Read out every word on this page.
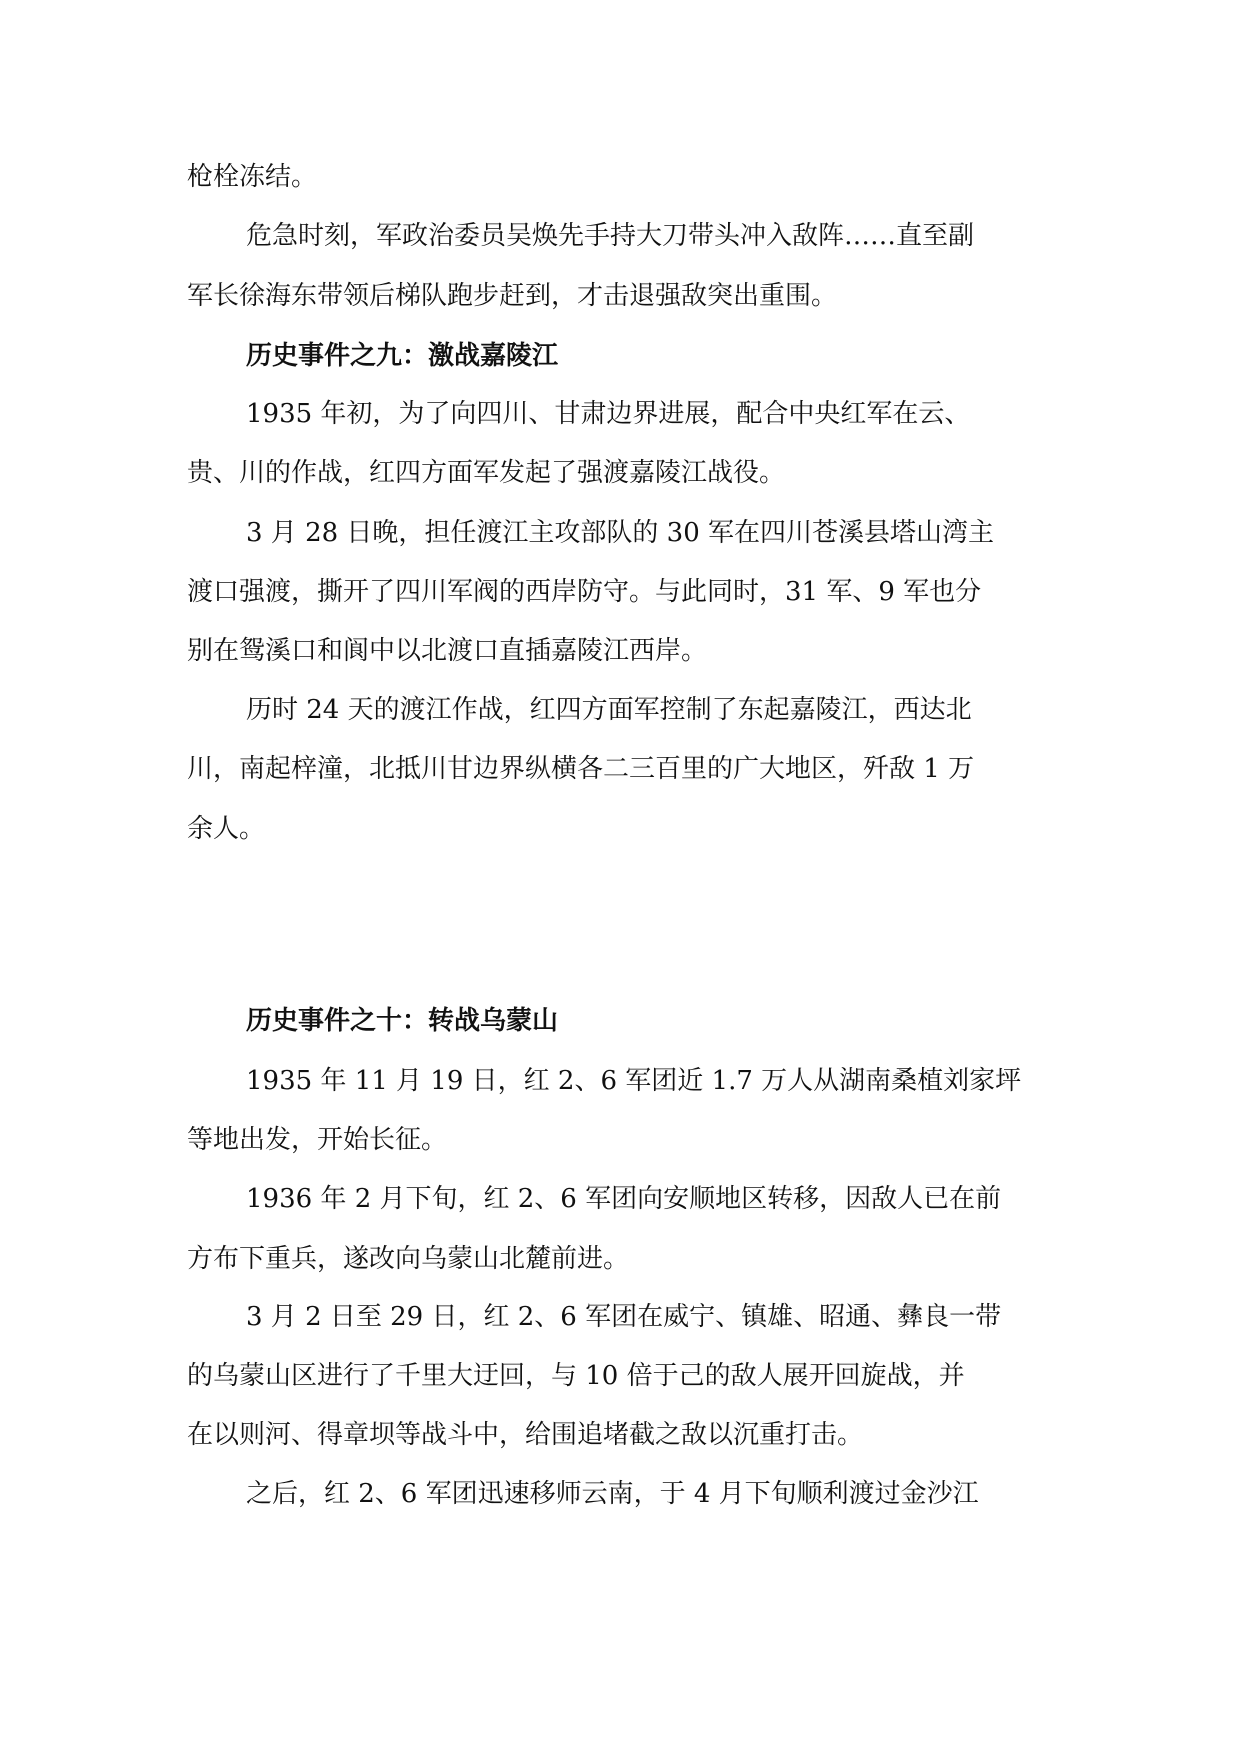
枪栓冻结。
危急时刻，军政治委员吴焕先手持大刀带头冲入敌阵……直至副
军长徐海东带领后梯队跑步赶到，才击退强敌突出重围。
历史事件之九：激战嘉陵江
1935 年初，为了向四川、甘肃边界进展，配合中央红军在云、
贵、川的作战，红四方面军发起了强渡嘉陵江战役。
3 月 28 日晚，担任渡江主攻部队的 30 军在四川苍溪县塔山湾主
渡口强渡，撕开了四川军阀的西岸防守。与此同时，31 军、9 军也分
别在鸳溪口和阆中以北渡口直插嘉陵江西岸。
历时 24 天的渡江作战，红四方面军控制了东起嘉陵江，西达北
川，南起梓潼，北抵川甘边界纵横各二三百里的广大地区，歼敌 1 万
余人。
历史事件之十：转战乌蒙山
1935 年 11 月 19 日，红 2、6 军团近 1.7 万人从湖南桑植刘家坪
等地出发，开始长征。
1936 年 2 月下旬，红 2、6 军团向安顺地区转移，因敌人已在前
方布下重兵，遂改向乌蒙山北麓前进。
3 月 2 日至 29 日，红 2、6 军团在威宁、镇雄、昭通、彝良一带
的乌蒙山区进行了千里大迂回，与 10 倍于己的敌人展开回旋战，并
在以则河、得章坝等战斗中，给围追堵截之敌以沉重打击。
之后，红 2、6 军团迅速移师云南，于 4 月下旬顺利渡过金沙江
